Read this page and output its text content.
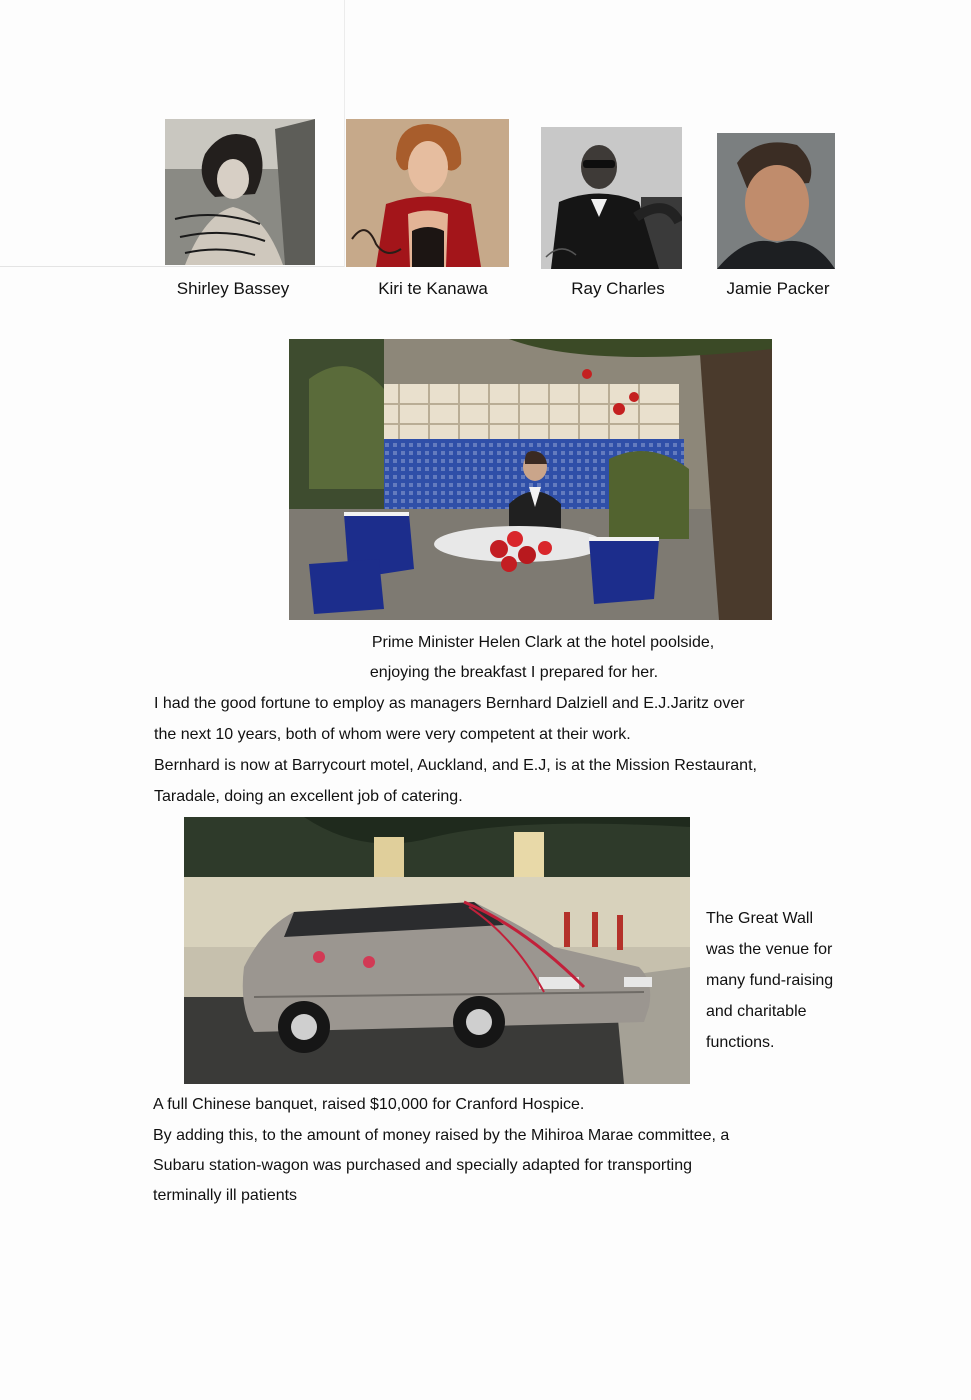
Shirley Bassey	Kiri te Kanawa	Ray Charles	Jamie Packer
Prime Minister Helen Clark at the hotel poolside,
enjoying the breakfast I prepared for her.
I had the good fortune to employ as managers Bernhard Dalziell and E.J.Jaritz over
the next 10 years, both of whom were very competent at their work.
Bernhard is now at Barrycourt motel, Auckland, and E.J, is at the Mission Restaurant,
Taradale, doing an excellent job of catering.
The Great Wall
was the venue for
many fund-raising
and charitable
functions.
A full Chinese banquet, raised $10,000 for Cranford Hospice.
By adding this, to the amount of money raised by the Mihiroa Marae committee, a
Subaru station-wagon was purchased and specially adapted for transporting
terminally ill patients
